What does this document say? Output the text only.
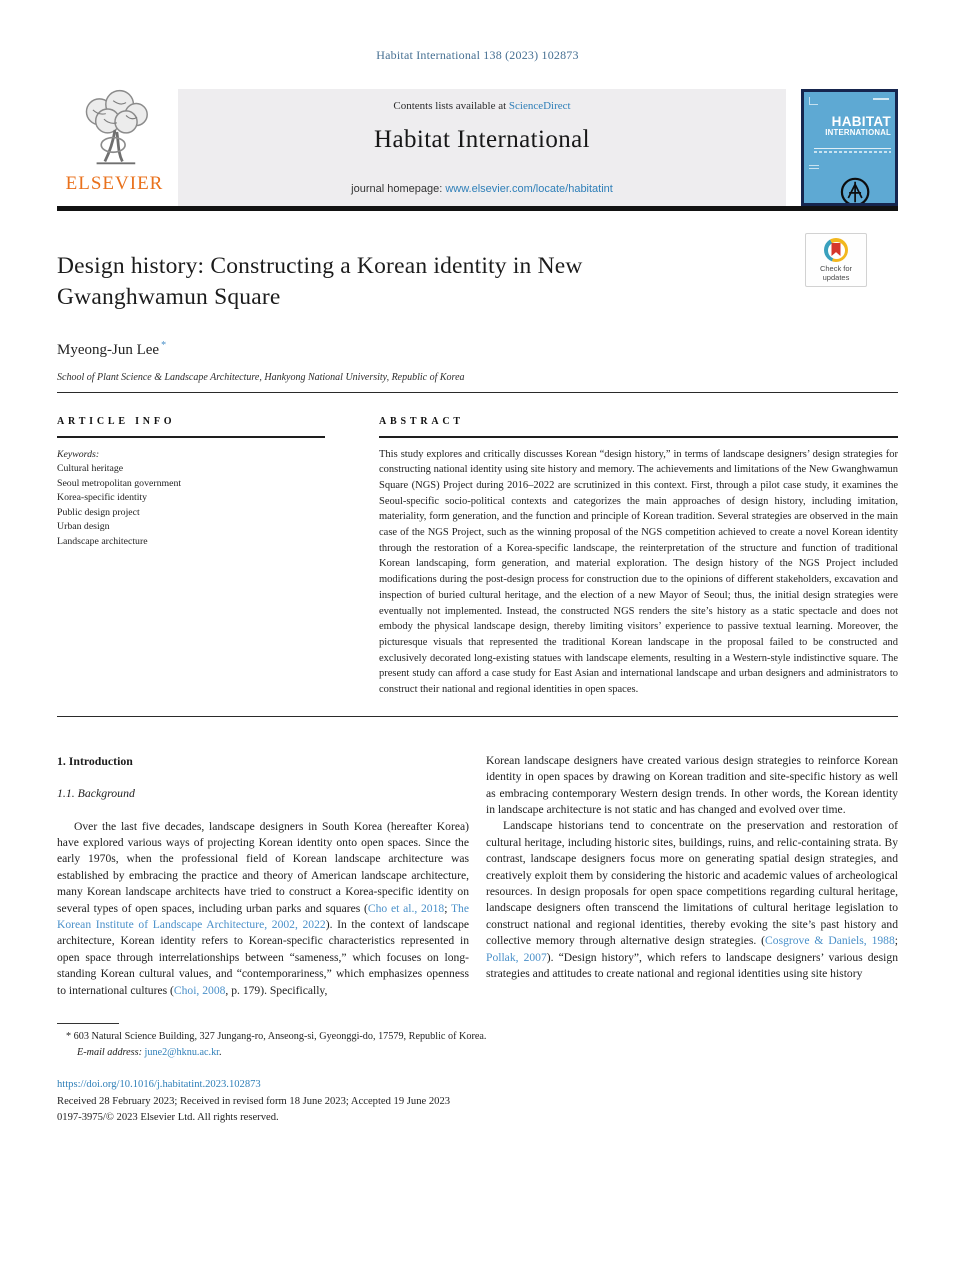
Habitat International 138 (2023) 102873
ELSEVIER
Contents lists available at ScienceDirect
Habitat International
journal homepage: www.elsevier.com/locate/habitatint
HABITAT
INTERNATIONAL
Design history: Constructing a Korean identity in New Gwanghwamun Square
Check for
updates
Myeong-Jun Lee *
School of Plant Science & Landscape Architecture, Hankyong National University, Republic of Korea
ARTICLE INFO
Keywords:
Cultural heritage
Seoul metropolitan government
Korea-specific identity
Public design project
Urban design
Landscape architecture
ABSTRACT
This study explores and critically discusses Korean “design history,” in terms of landscape designers’ design strategies for constructing national identity using site history and memory. The achievements and limitations of the New Gwanghwamun Square (NGS) Project during 2016–2022 are scrutinized in this context. First, through a pilot case study, it examines the Seoul-specific socio-political contexts and categorizes the main approaches of design history, including imitation, materiality, form generation, and the function and principle of Korean tradition. Several strategies are observed in the main case of the NGS Project, such as the winning proposal of the NGS competition achieved to create a novel Korean identity through the restoration of a Korea-specific landscape, the reinterpretation of the structure and function of traditional Korean landscaping, form generation, and material exploration. The design history of the NGS Project included modifications during the post-design process for construction due to the opinions of different stakeholders, excavation and inspection of buried cultural heritage, and the election of a new Mayor of Seoul; thus, the initial design strategies were eventually not implemented. Instead, the constructed NGS renders the site’s history as a static spectacle and does not embody the physical landscape design, thereby limiting visitors’ experience to passive textual learning. Moreover, the picturesque visuals that represented the traditional Korean landscape in the proposal failed to be constructed and exclusively decorated long-existing statues with landscape elements, resulting in a Western-style indistinctive square. The present study can afford a case study for East Asian and international landscape and urban designers and administrators to construct their national and regional identities in open spaces.
1. Introduction
1.1. Background

Over the last five decades, landscape designers in South Korea (hereafter Korea) have explored various ways of projecting Korean identity onto open spaces. Since the early 1970s, when the professional field of Korean landscape architecture was established by embracing the practice and theory of American landscape architecture, many Korean landscape architects have tried to construct a Korea-specific identity on several types of open spaces, including urban parks and squares (Cho et al., 2018; The Korean Institute of Landscape Architecture, 2002, 2022). In the context of landscape architecture, Korean identity refers to Korean-specific characteristics represented in open space through interrelationships between “sameness,” which focuses on long-standing Korean cultural values, and “contemporariness,” which emphasizes openness to international cultures (Choi, 2008, p. 179). Specifically,

Korean landscape designers have created various design strategies to reinforce Korean identity in open spaces by drawing on Korean tradition and site-specific history as well as embracing contemporary Western design trends. In other words, the Korean identity in landscape architecture is not static and has changed and evolved over time.

Landscape historians tend to concentrate on the preservation and restoration of cultural heritage, including historic sites, buildings, ruins, and relic-containing strata. By contrast, landscape designers focus more on generating spatial design strategies, and creatively exploit them by considering the historic and academic values of archeological resources. In design proposals for open space competitions regarding cultural heritage, landscape designers often transcend the limitations of cultural heritage legislation to construct national and regional identities, thereby evoking the site’s past history and collective memory through alternative design strategies. (Cosgrove & Daniels, 1988; Pollak, 2007). “Design history”, which refers to landscape designers’ various design strategies and attitudes to create national and regional identities using site history

* 603 Natural Science Building, 327 Jungang-ro, Anseong-si, Gyeonggi-do, 17579, Republic of Korea.
E-mail address: june2@hknu.ac.kr.
https://doi.org/10.1016/j.habitatint.2023.102873
Received 28 February 2023; Received in revised form 18 June 2023; Accepted 19 June 2023
0197-3975/© 2023 Elsevier Ltd. All rights reserved.
